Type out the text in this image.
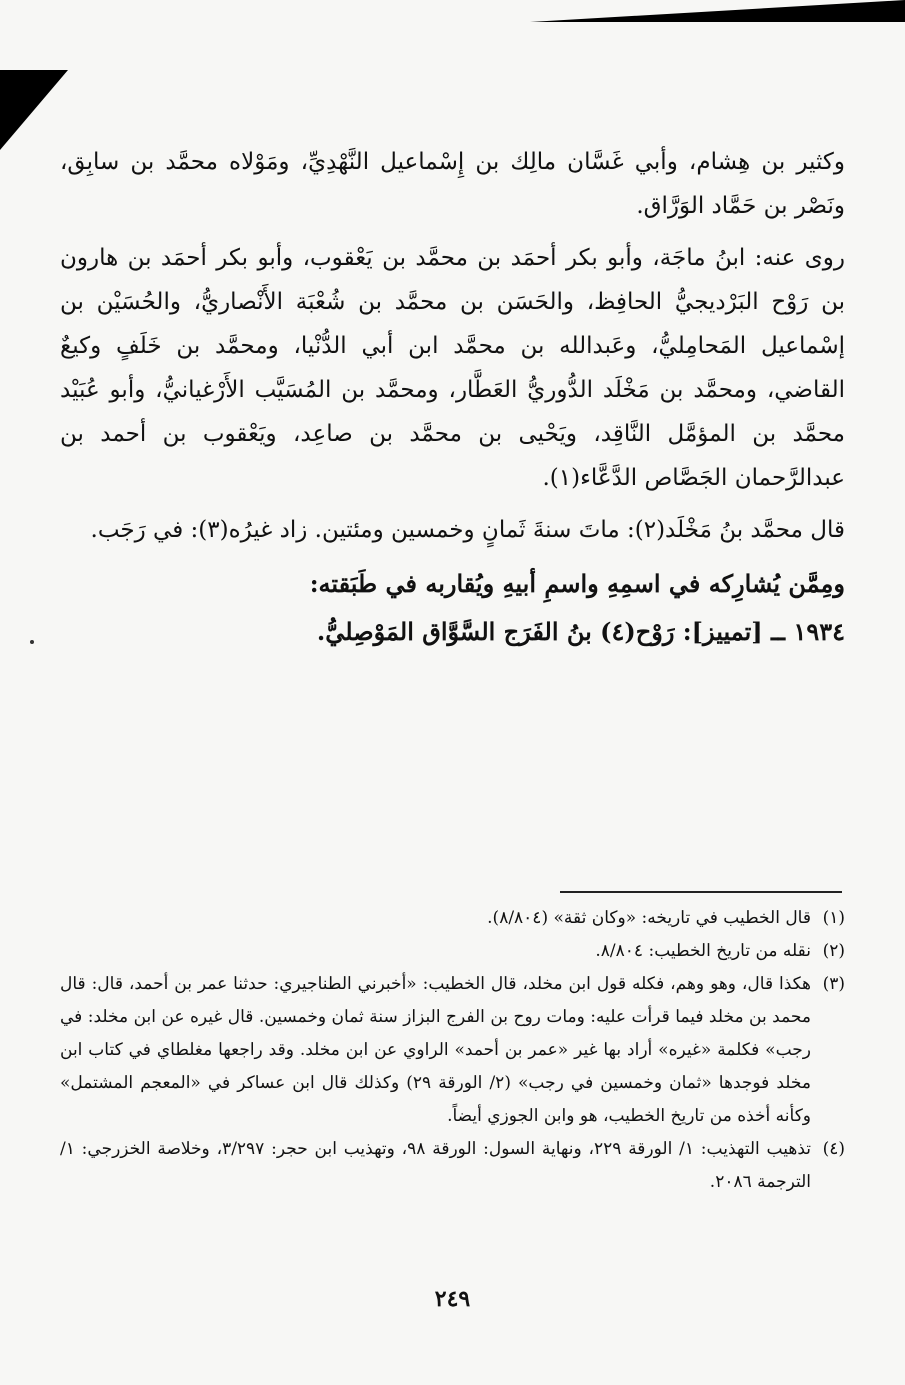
وكثير بن هِشام، وأبي غَسَّان مالِك بن إِسْماعيل النَّهْدِيِّ، ومَوْلاه محمَّد بن سابِق، ونَصْر بن حَمَّاد الوَرَّاق.

روى عنه: ابنُ ماجَة، وأبو بكر أحمَد بن محمَّد بن يَعْقوب، وأبو بكر أحمَد بن هارون بن رَوْح البَرْديجيُّ الحافِظ، والحَسَن بن محمَّد بن شُعْبَة الأَنْصاريُّ، والحُسَيْن بن إسْماعيل المَحامِليُّ، وعَبدالله بن محمَّد ابن أبي الدُّنْيا، ومحمَّد بن خَلَفٍ وكيعٌ القاضي، ومحمَّد بن مَخْلَد الدُّوريُّ العَطَّار، ومحمَّد بن المُسَيَّب الأَرْغيانيُّ، وأبو عُبَيْد محمَّد بن المؤمَّل النَّاقِد، ويَحْيى بن محمَّد بن صاعِد، ويَعْقوب بن أحمد بن عبدالرَّحمان الجَصَّاص الدَّعَّاء(١).

قال محمَّد بنُ مَخْلَد(٢): ماتَ سنةَ ثَمانٍ وخمسين ومئتين. زاد غيرُه(٣): في رَجَب.

ومِمَّن يُشارِكه في اسمِهِ واسمِ أبيهِ ويُقاربه في طَبَقته:

١٩٣٤ ــ [تمييز]: رَوْح(٤) بنُ الفَرَج السَّوَّاق المَوْصِليُّ.

(١)
قال الخطيب في تاريخه: «وكان ثقة» (٨/٨٠٤).
(٢)
نقله من تاريخ الخطيب: ٨/٨٠٤.
(٣)
هكذا قال، وهو وهم، فكله قول ابن مخلد، قال الخطيب: «أخبرني الطناجيري: حدثنا عمر بن أحمد، قال: قال محمد بن مخلد فيما قرأت عليه: ومات روح بن الفرج البزاز سنة ثمان وخمسين. قال غيره عن ابن مخلد: في رجب» فكلمة «غيره» أراد بها غير «عمر بن أحمد» الراوي عن ابن مخلد. وقد راجعها مغلطاي في كتاب ابن مخلد فوجدها «ثمان وخمسين في رجب» (٢/ الورقة ٢٩) وكذلك قال ابن عساكر في «المعجم المشتمل» وكأنه أخذه من تاريخ الخطيب، هو وابن الجوزي أيضاً.
(٤)
تذهيب التهذيب: ١/ الورقة ٢٢٩، ونهاية السول: الورقة ٩٨، وتهذيب ابن حجر: ٣/٢٩٧، وخلاصة الخزرجي: ١/ الترجمة ٢٠٨٦.
٢٤٩
